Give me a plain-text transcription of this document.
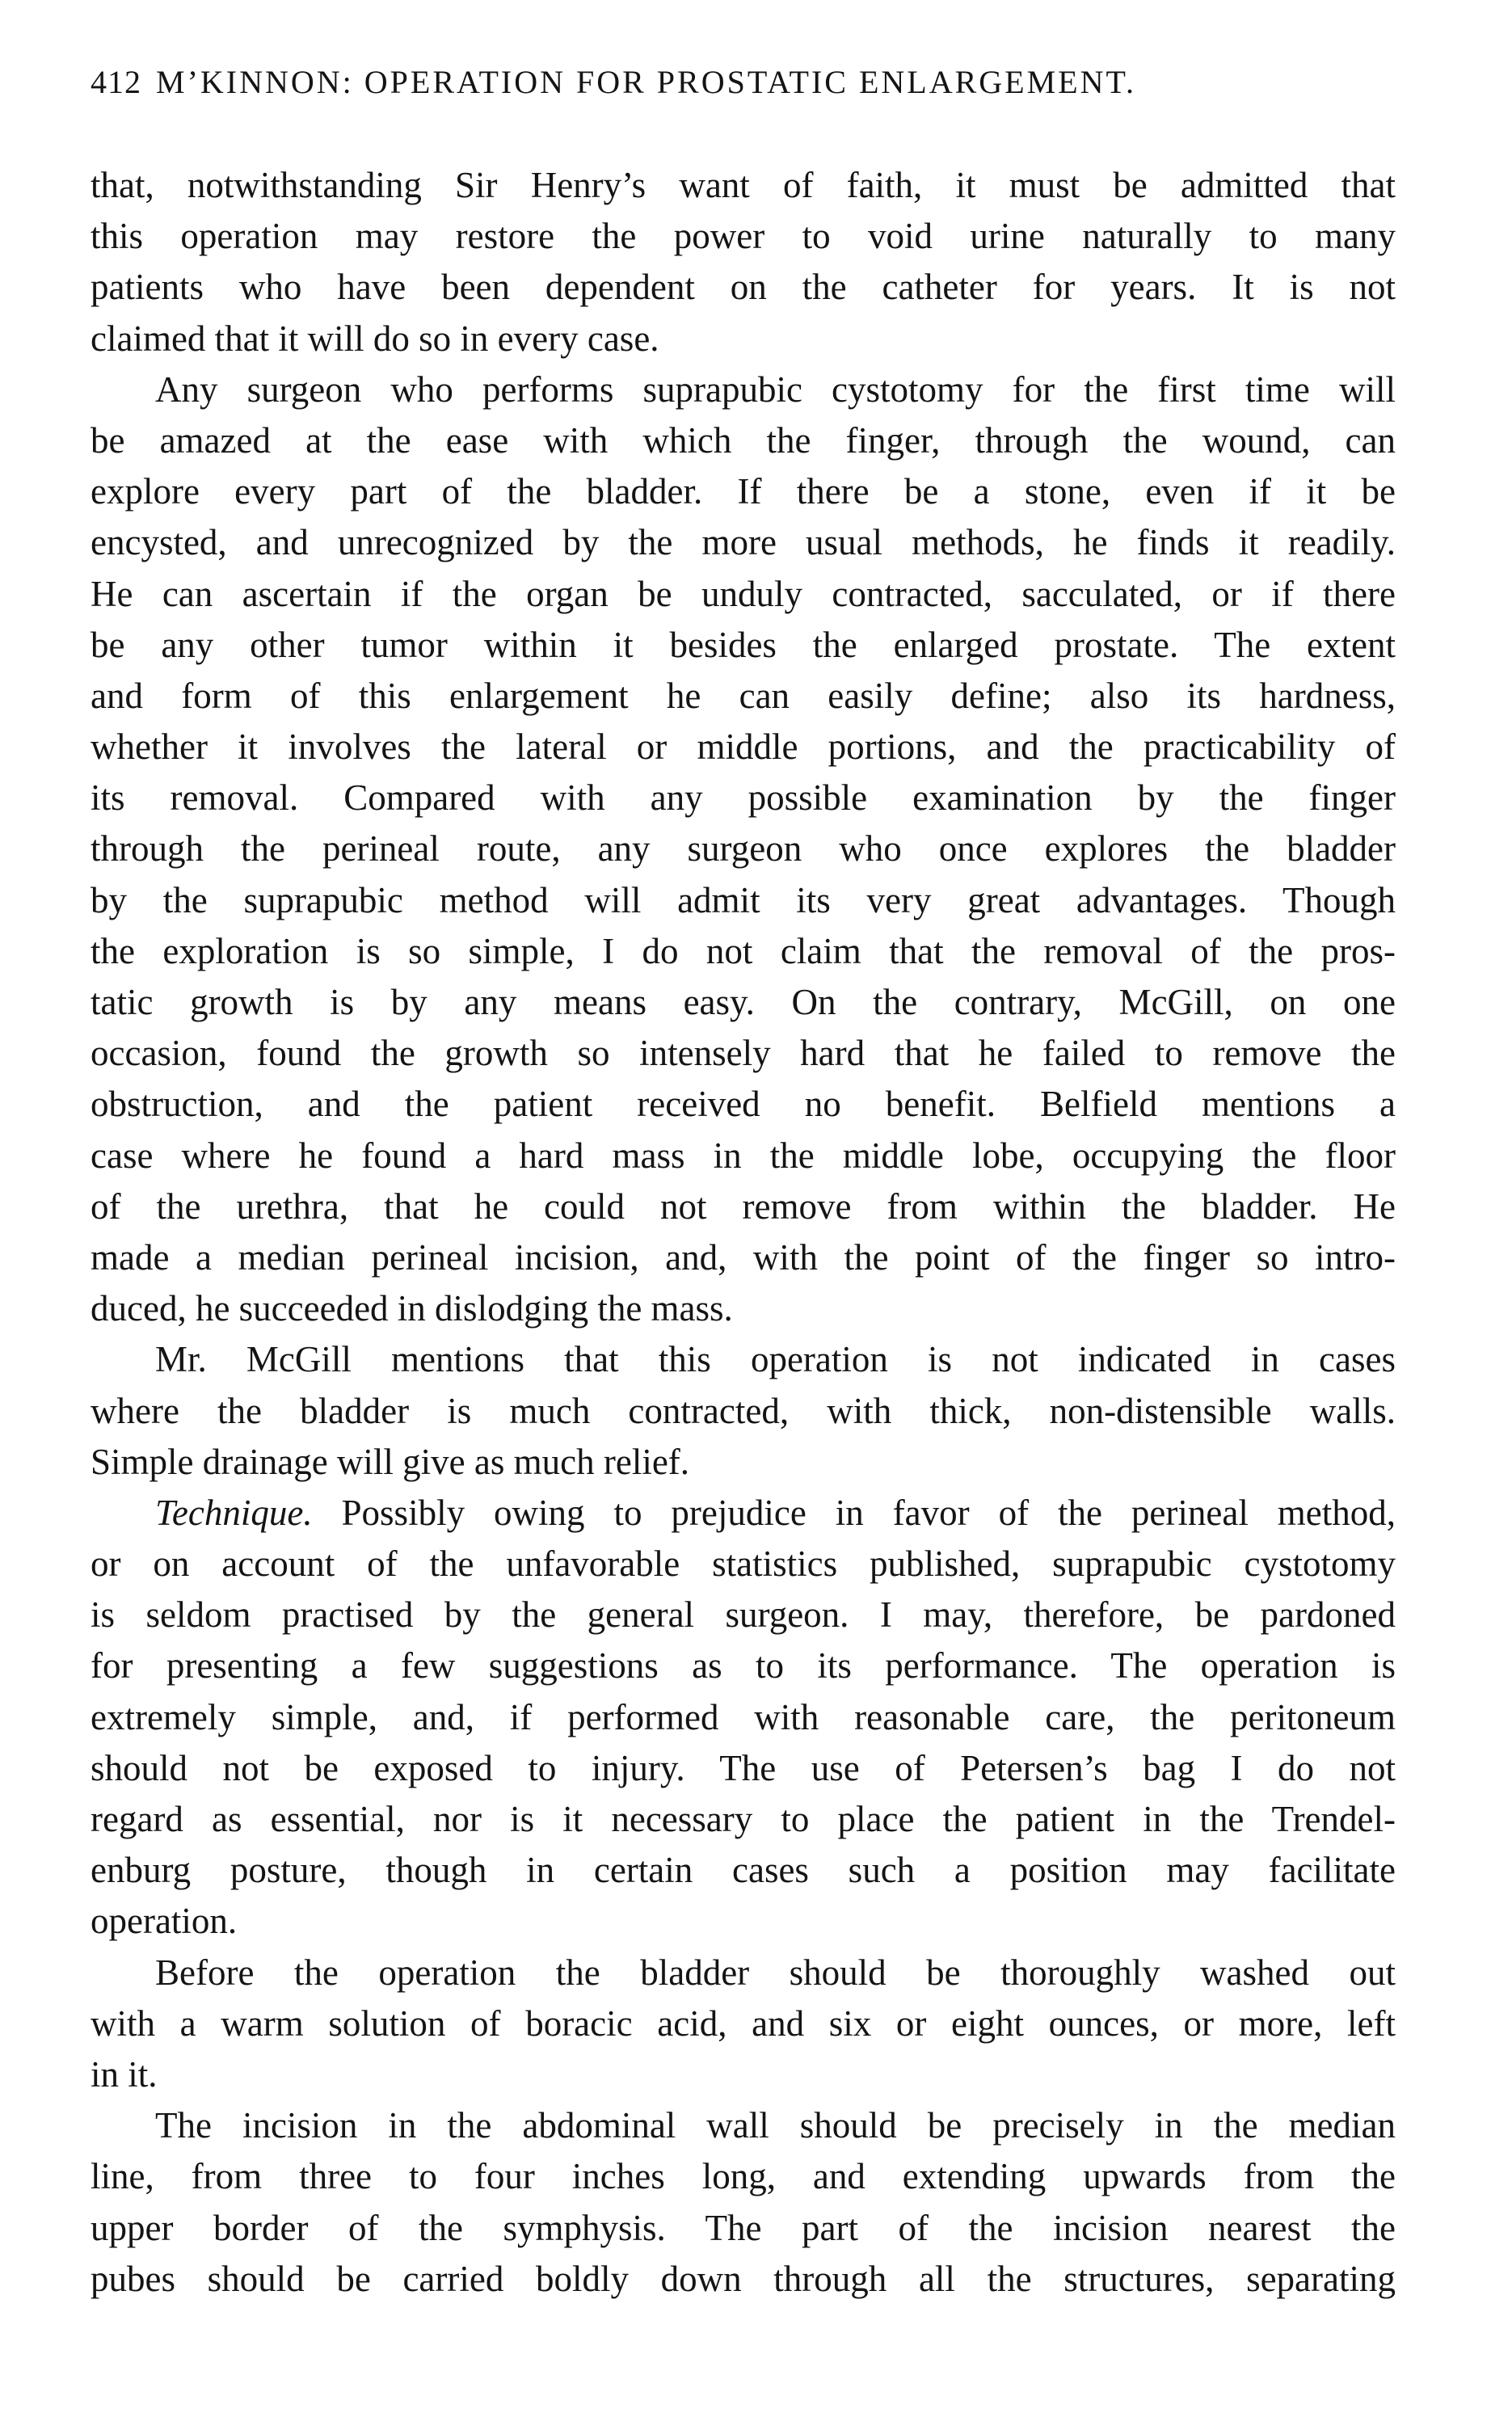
412 M’KINNON: OPERATION FOR PROSTATIC ENLARGEMENT.
that, notwithstanding Sir Henry’s want of faith, it must be admitted that
this operation may restore the power to void urine naturally to many
patients who have been dependent on the catheter for years. It is not
claimed that it will do so in every case.
Any surgeon who performs suprapubic cystotomy for the first time will
be amazed at the ease with which the finger, through the wound, can
explore every part of the bladder. If there be a stone, even if it be
encysted, and unrecognized by the more usual methods, he finds it readily.
He can ascertain if the organ be unduly contracted, sacculated, or if there
be any other tumor within it besides the enlarged prostate. The extent
and form of this enlargement he can easily define; also its hardness,
whether it involves the lateral or middle portions, and the practicability of
its removal. Compared with any possible examination by the finger
through the perineal route, any surgeon who once explores the bladder
by the suprapubic method will admit its very great advantages. Though
the exploration is so simple, I do not claim that the removal of the pros-
tatic growth is by any means easy. On the contrary, McGill, on one
occasion, found the growth so intensely hard that he failed to remove the
obstruction, and the patient received no benefit. Belfield mentions a
case where he found a hard mass in the middle lobe, occupying the floor
of the urethra, that he could not remove from within the bladder. He
made a median perineal incision, and, with the point of the finger so intro-
duced, he succeeded in dislodging the mass.
Mr. McGill mentions that this operation is not indicated in cases
where the bladder is much contracted, with thick, non-distensible walls.
Simple drainage will give as much relief.
Technique. Possibly owing to prejudice in favor of the perineal method,
or on account of the unfavorable statistics published, suprapubic cystotomy
is seldom practised by the general surgeon. I may, therefore, be pardoned
for presenting a few suggestions as to its performance. The operation is
extremely simple, and, if performed with reasonable care, the peritoneum
should not be exposed to injury. The use of Petersen’s bag I do not
regard as essential, nor is it necessary to place the patient in the Trendel-
enburg posture, though in certain cases such a position may facilitate
operation.
Before the operation the bladder should be thoroughly washed out
with a warm solution of boracic acid, and six or eight ounces, or more, left
in it.
The incision in the abdominal wall should be precisely in the median
line, from three to four inches long, and extending upwards from the
upper border of the symphysis. The part of the incision nearest the
pubes should be carried boldly down through all the structures, separating
